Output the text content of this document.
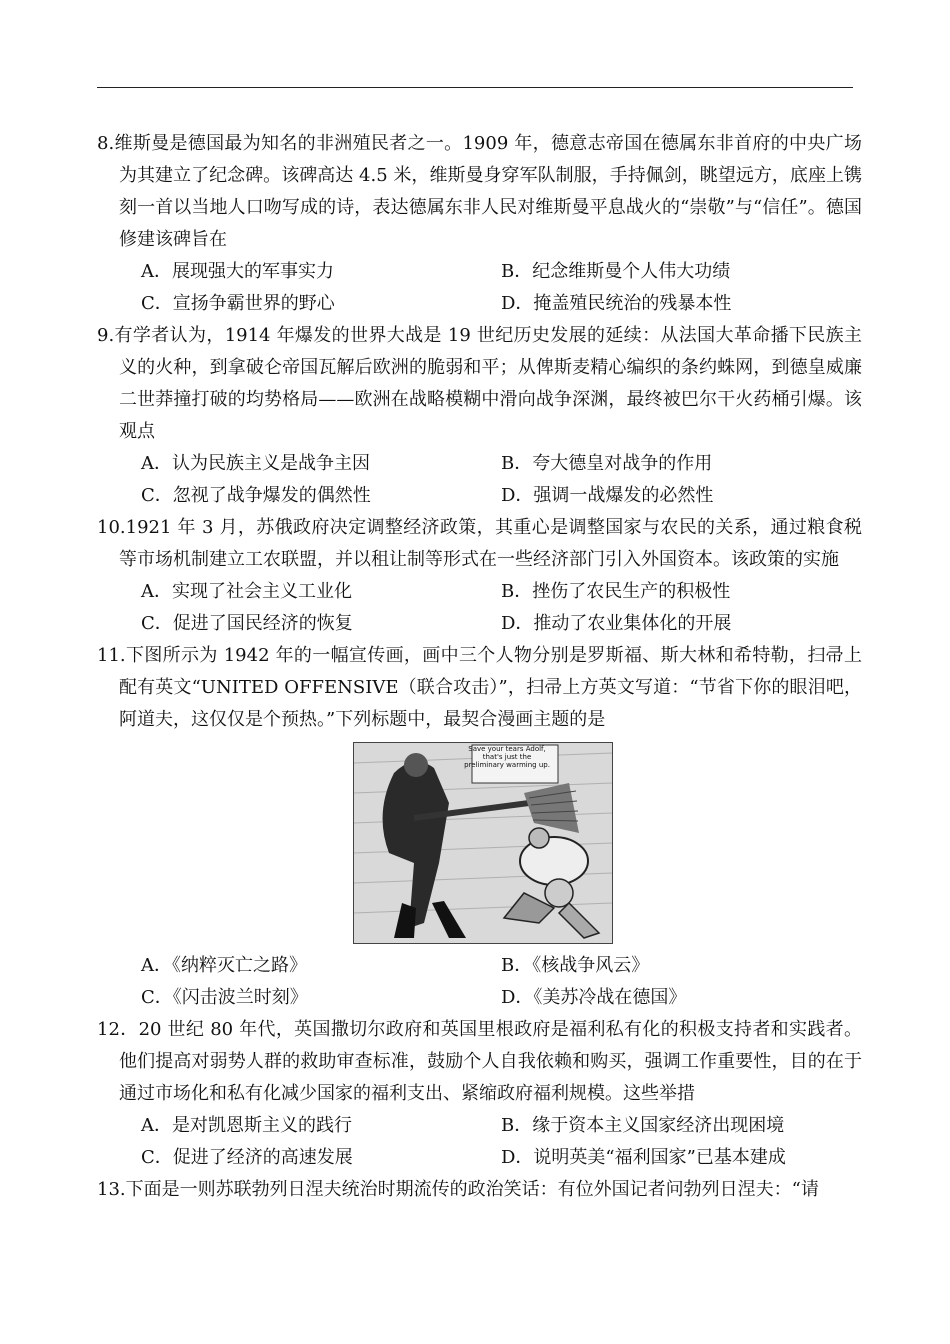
8.维斯曼是德国最为知名的非洲殖民者之一。1909 年，德意志帝国在德属东非首府的中央广场为其建立了纪念碑。该碑高达 4.5 米，维斯曼身穿军队制服，手持佩剑，眺望远方，底座上镌刻一首以当地人口吻写成的诗，表达德属东非人民对维斯曼平息战火的“崇敬”与“信任”。德国修建该碑旨在

A．展现强大的军事实力	B．纪念维斯曼个人伟大功绩
C．宣扬争霸世界的野心	D．掩盖殖民统治的残暴本性

9.有学者认为，1914 年爆发的世界大战是 19 世纪历史发展的延续：从法国大革命播下民族主义的火种，到拿破仑帝国瓦解后欧洲的脆弱和平；从俾斯麦精心编织的条约蛛网，到德皇威廉二世莽撞打破的均势格局——欧洲在战略模糊中滑向战争深渊，最终被巴尔干火药桶引爆。该观点

A．认为民族主义是战争主因	B．夸大德皇对战争的作用
C．忽视了战争爆发的偶然性	D．强调一战爆发的必然性

10.1921 年 3 月，苏俄政府决定调整经济政策，其重心是调整国家与农民的关系，通过粮食税等市场机制建立工农联盟，并以租让制等形式在一些经济部门引入外国资本。该政策的实施

A．实现了社会主义工业化	B．挫伤了农民生产的积极性
C．促进了国民经济的恢复	D．推动了农业集体化的开展

11.下图所示为 1942 年的一幅宣传画，画中三个人物分别是罗斯福、斯大林和希特勒，扫帚上配有英文“UNITED OFFENSIVE（联合攻击）”，扫帚上方英文写道：“节省下你的眼泪吧，阿道夫，这仅仅是个预热。”下列标题中，最契合漫画主题的是

Save your tears Adolf, that's just the preliminary warming up.
A．《纳粹灭亡之路》	B．《核战争风云》
C．《闪击波兰时刻》	D．《美苏冷战在德国》

12．20 世纪 80 年代，英国撒切尔政府和英国里根政府是福利私有化的积极支持者和实践者。他们提高对弱势人群的救助审查标准，鼓励个人自我依赖和购买，强调工作重要性，目的在于通过市场化和私有化减少国家的福利支出、紧缩政府福利规模。这些举措

A．是对凯恩斯主义的践行	B．缘于资本主义国家经济出现困境
C．促进了经济的高速发展	D．说明英美“福利国家”已基本建成

13.下面是一则苏联勃列日涅夫统治时期流传的政治笑话：有位外国记者问勃列日涅夫：“请
